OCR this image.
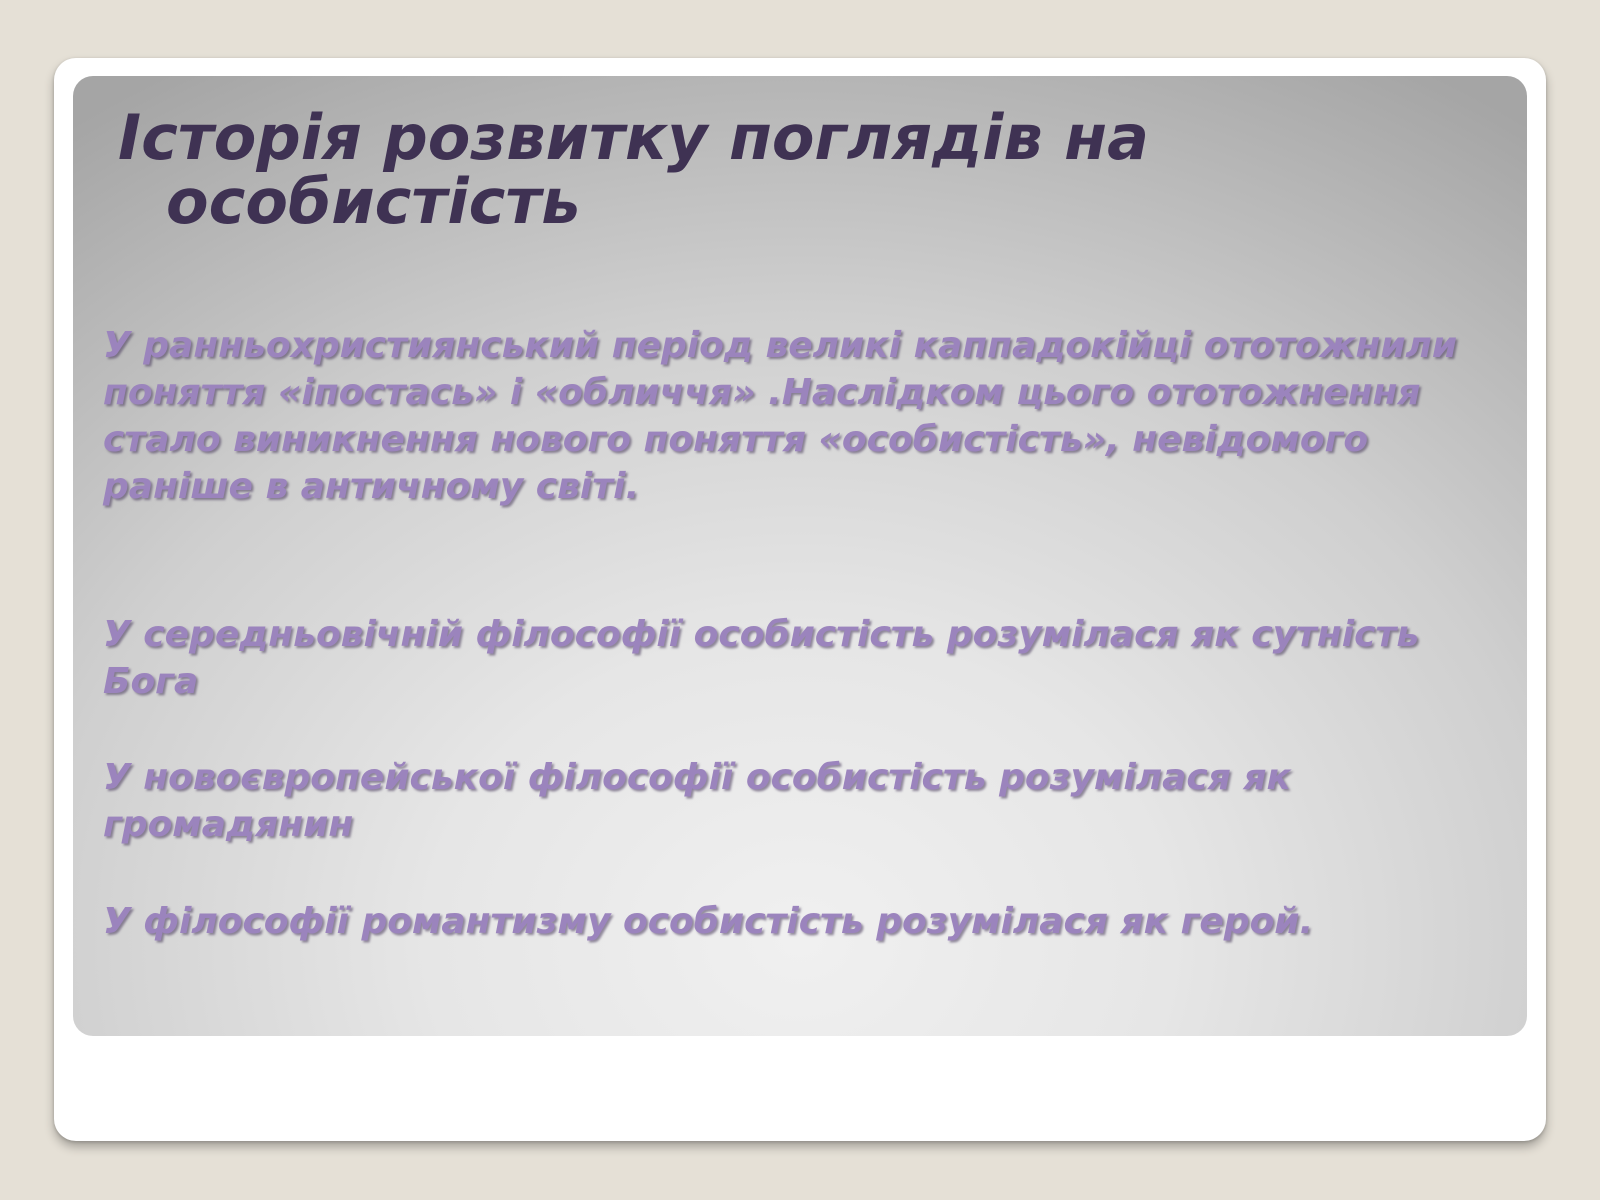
Історія розвитку поглядів на
особистість

У ранньохристиянський період великі каппадокійці ототожнили поняття «іпостась» і «обличчя» .Наслідком цього ототожнення стало виникнення нового поняття «особистість», невідомого раніше в античному світі.

У середньовічній філософії особистість розумілася як сутність Бога

У новоєвропейської філософії особистість розумілася як громадянин

У філософії романтизму особистість розумілася як герой.
